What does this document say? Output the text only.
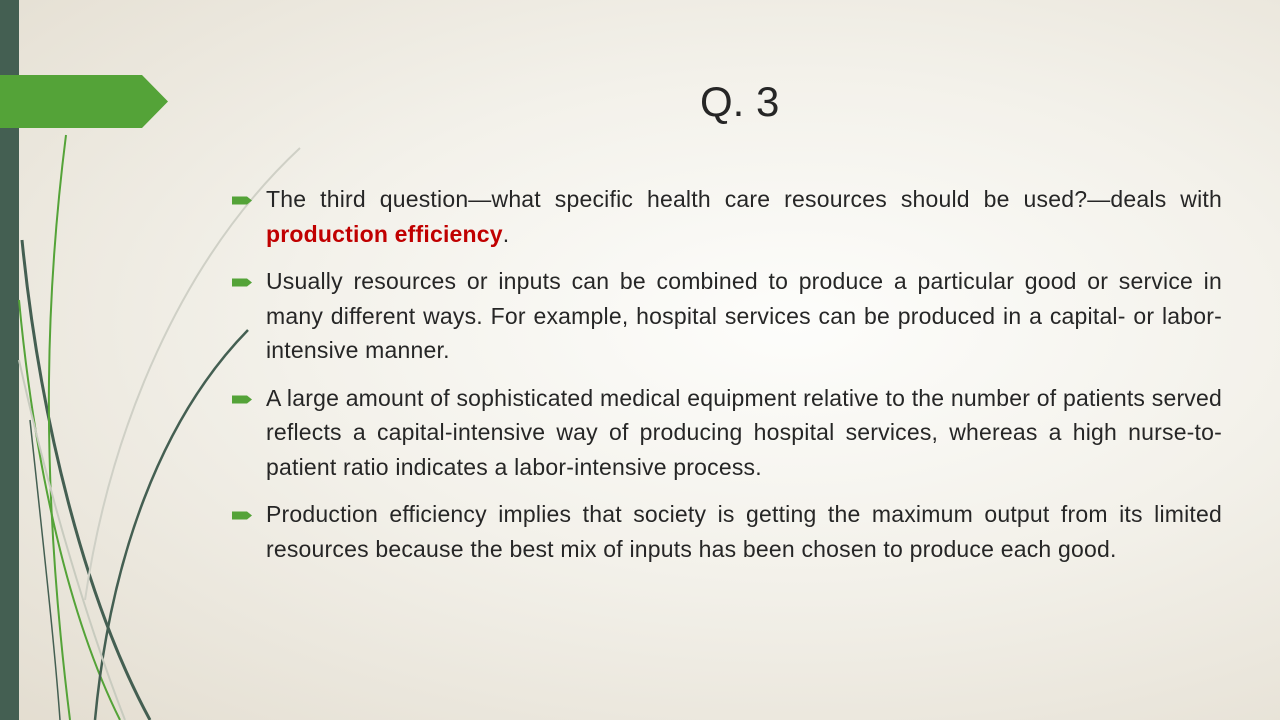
Q. 3

The third question—what specific health care resources should be used?—deals with production efficiency.

Usually resources or inputs can be combined to produce a particular good or service in many different ways. For example, hospital services can be produced in a capital- or labor-intensive manner.

A large amount of sophisticated medical equipment relative to the number of patients served reflects a capital-intensive way of producing hospital services, whereas a high nurse-to-patient ratio indicates a labor-intensive process.

Production efficiency implies that society is getting the maximum output from its limited resources because the best mix of inputs has been chosen to produce each good.
